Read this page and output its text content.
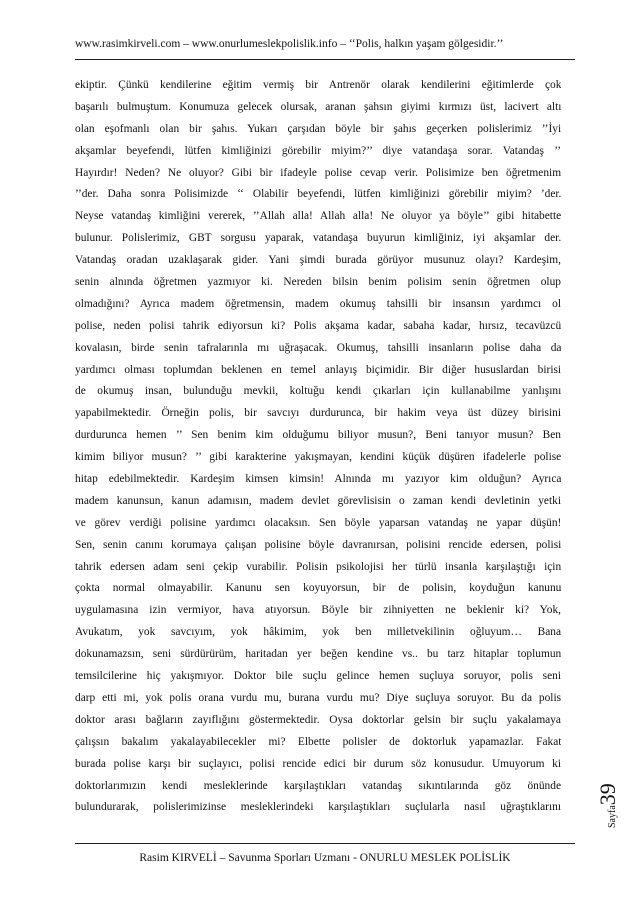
www.rasimkirveli.com – www.onurlumeslekpolislik.info – ‘‘Polis, halkın yaşam gölgesidir.’’
ekiptir. Çünkü kendilerine eğitim vermiş bir Antrenör olarak kendilerini eğitimlerde çok
başarılı bulmuştum. Konumuza gelecek olursak, aranan şahsın giyimi kırmızı üst, lacivert altı
olan eşofmanlı olan bir şahıs. Yukarı çarşıdan böyle bir şahıs geçerken polislerimiz ’’İyi
akşamlar beyefendi, lütfen kimliğinizi görebilir miyim?’’ diye vatandaşa sorar. Vatandaş ’’
Hayırdır! Neden? Ne oluyor? Gibi bir ifadeyle polise cevap verir. Polisimize ben öğretmenim
’’der. Daha sonra Polisimizde ‘‘ Olabilir beyefendi, lütfen kimliğinizi görebilir miyim? ’der.
Neyse vatandaş kimliğini vererek, ’’Allah alla! Allah alla! Ne oluyor ya böyle’’ gibi hitabette
bulunur. Polislerimiz, GBT sorgusu yaparak, vatandaşa buyurun kimliğiniz, iyi akşamlar der.
Vatandaş oradan uzaklaşarak gider. Yani şimdi burada görüyor musunuz olayı? Kardeşim,
senin alnında öğretmen yazmıyor ki. Nereden bilsin benim polisim senin öğretmen olup
olmadığını? Ayrıca madem öğretmensin, madem okumuş tahsilli bir insansın yardımcı ol
polise, neden polisi tahrik ediyorsun ki? Polis akşama kadar, sabaha kadar, hırsız, tecavüzcü
kovalasın, birde senin tafralarınla mı uğraşacak. Okumuş, tahsilli insanların polise daha da
yardımcı olması toplumdan beklenen en temel anlayış biçimidir. Bir diğer hususlardan birisi
de okumuş insan, bulunduğu mevkii, koltuğu kendi çıkarları için kullanabilme yanlışını
yapabilmektedir. Örneğin polis, bir savcıyı durdurunca, bir hakim veya üst düzey birisini
durdurunca hemen ’’ Sen benim kim olduğumu biliyor musun?, Beni tanıyor musun? Ben
kimim biliyor musun? ’’ gibi karakterine yakışmayan, kendini küçük düşüren ifadelerle polise
hitap edebilmektedir. Kardeşim kimsen kimsin! Alnında mı yazıyor kim olduğun? Ayrıca
madem kanunsun, kanun adamısın, madem devlet görevlisisin o zaman kendi devletinin yetki
ve görev verdiği polisine yardımcı olacaksın. Sen böyle yaparsan vatandaş ne yapar düşün!
Sen, senin canını korumaya çalışan polisine böyle davranırsan, polisini rencide edersen, polisi
tahrik edersen adam seni çekip vurabilir. Polisin psikolojisi her türlü insanla karşılaştığı için
çokta normal olmayabilir. Kanunu sen koyuyorsun, bir de polisin, koyduğun kanunu
uygulamasına izin vermiyor, hava atıyorsun. Böyle bir zihniyetten ne beklenir ki? Yok,
Avukatım, yok savcıyım, yok hâkimim, yok ben milletvekilinin oğluyum… Bana
dokunamazsın, seni sürdürürüm, haritadan yer beğen kendine vs.. bu tarz hitaplar toplumun
temsilcilerine hiç yakışmıyor. Doktor bile suçlu gelince hemen suçluya soruyor, polis seni
darp etti mi, yok polis orana vurdu mu, burana vurdu mu? Diye suçluya soruyor. Bu da polis
doktor arası bağların zayıflığını göstermektedir. Oysa doktorlar gelsin bir suçlu yakalamaya
çalışsın bakalım yakalayabilecekler mi? Elbette polisler de doktorluk yapamazlar. Fakat
burada polise karşı bir suçlayıcı, polisi rencide edici bir durum söz konusudur. Umuyorum ki
doktorlarımızın kendi mesleklerinde karşılaştıkları vatandaş sıkıntılarında göz önünde
bulundurarak, polislerimizinse mesleklerindeki karşılaştıkları suçlularla nasıl uğraştıklarını	Sayfa39
Rasim KIRVELİ – Savunma Sporları Uzmanı - ONURLU MESLEK POLİSLİK
